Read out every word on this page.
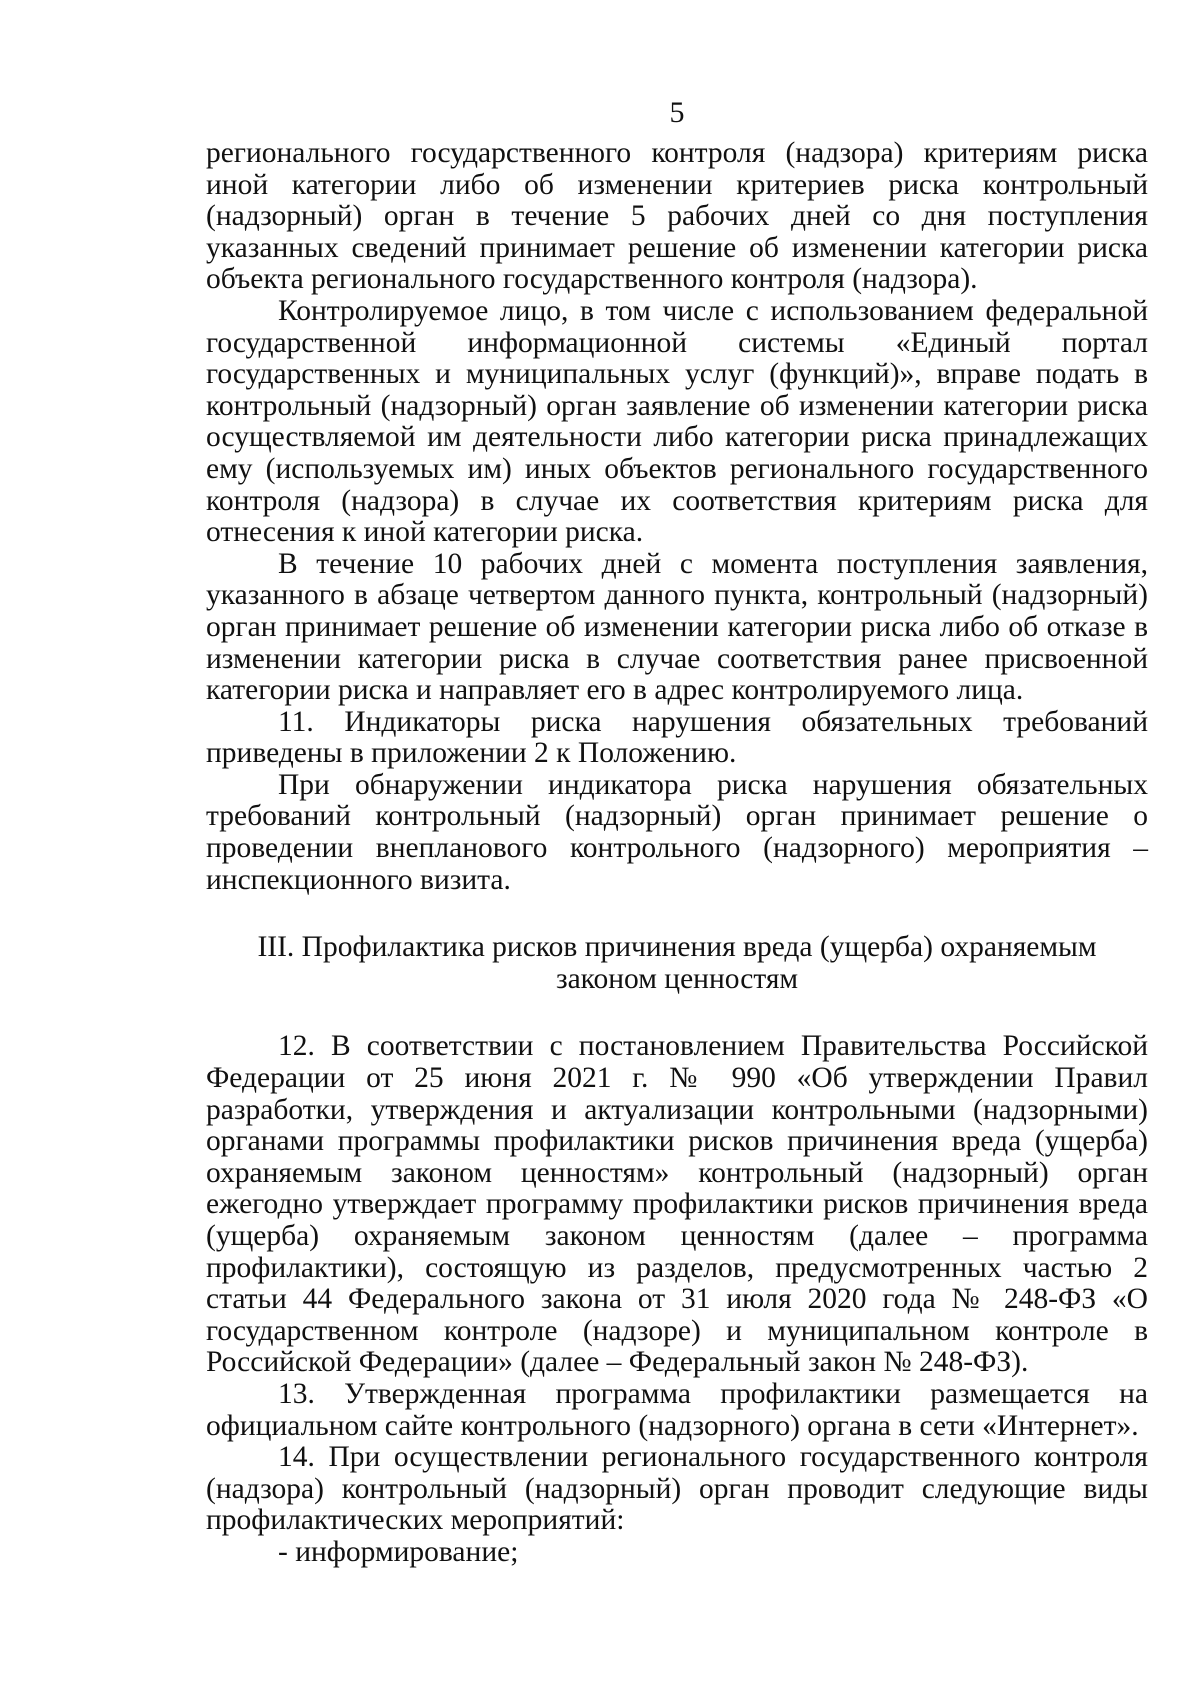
5

регионального государственного контроля (надзора) критериям риска иной категории либо об изменении критериев риска контрольный (надзорный) орган в течение 5 рабочих дней со дня поступления указанных сведений принимает решение об изменении категории риска объекта регионального государственного контроля (надзора).

Контролируемое лицо, в том числе с использованием федеральной государственной информационной системы «Единый портал государственных и муниципальных услуг (функций)», вправе подать в контрольный (надзорный) орган заявление об изменении категории риска осуществляемой им деятельности либо категории риска принадлежащих ему (используемых им) иных объектов регионального государственного контроля (надзора) в случае их соответствия критериям риска для отнесения к иной категории риска.

В течение 10 рабочих дней с момента поступления заявления, указанного в абзаце четвертом данного пункта, контрольный (надзорный) орган принимает решение об изменении категории риска либо об отказе в изменении категории риска в случае соответствия ранее присвоенной категории риска и направляет его в адрес контролируемого лица.

11. Индикаторы риска нарушения обязательных требований приведены в приложении 2 к Положению.

При обнаружении индикатора риска нарушения обязательных требований контрольный (надзорный) орган принимает решение о проведении внепланового контрольного (надзорного) мероприятия – инспекционного визита.

III. Профилактика рисков причинения вреда (ущерба) охраняемым законом ценностям

12. В соответствии с постановлением Правительства Российской Федерации от 25 июня 2021 г. № 990 «Об утверждении Правил разработки, утверждения и актуализации контрольными (надзорными) органами программы профилактики рисков причинения вреда (ущерба) охраняемым законом ценностям» контрольный (надзорный) орган ежегодно утверждает программу профилактики рисков причинения вреда (ущерба) охраняемым законом ценностям (далее – программа профилактики), состоящую из разделов, предусмотренных частью 2 статьи 44 Федерального закона от 31 июля 2020 года № 248-ФЗ «О государственном контроле (надзоре) и муниципальном контроле в Российской Федерации» (далее – Федеральный закон № 248-ФЗ).

13. Утвержденная программа профилактики размещается на официальном сайте контрольного (надзорного) органа в сети «Интернет».

14. При осуществлении регионального государственного контроля (надзора) контрольный (надзорный) орган проводит следующие виды профилактических мероприятий:

- информирование;
